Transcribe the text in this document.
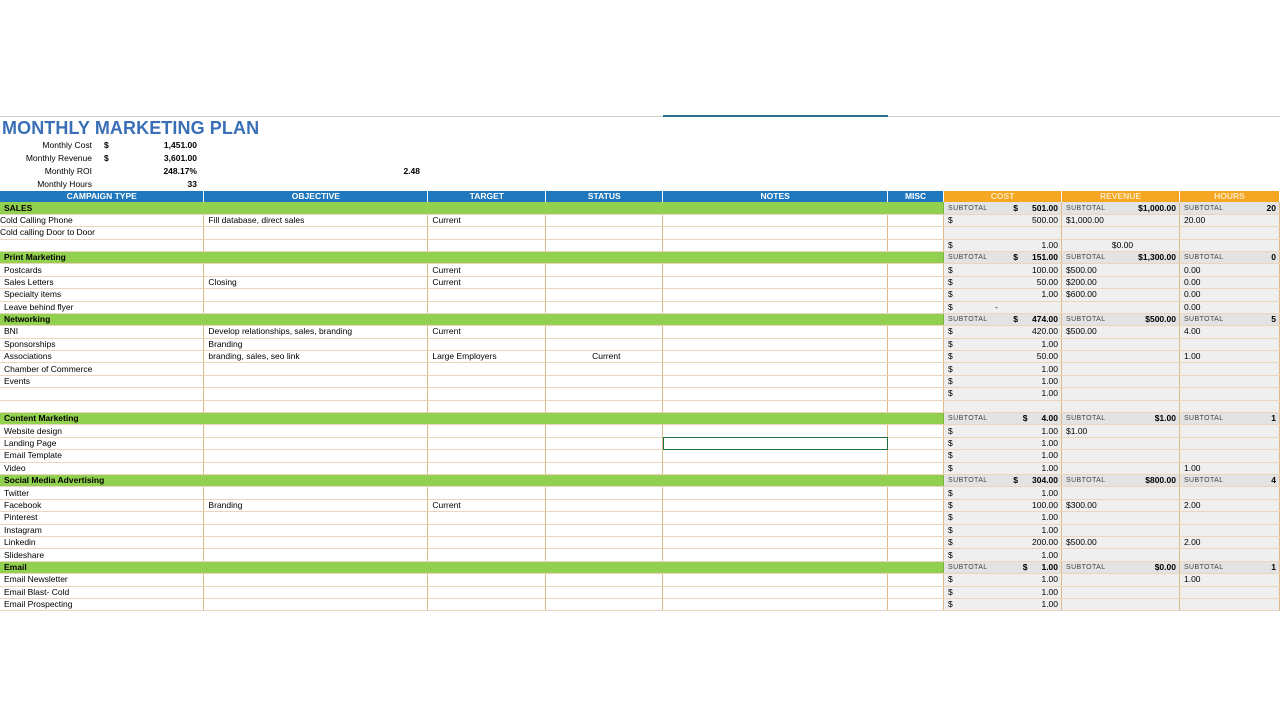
MONTHLY MARKETING PLAN
Monthly Cost $	1,451.00
Monthly Revenue $	3,601.00
Monthly ROI	248.17%	2.48
Monthly Hours	33
CAMPAIGN TYPE	OBJECTIVE	TARGET	STATUS	NOTES	MISC	COST	REVENUE	HOURS
SALES						SUBTOTAL $ 501.00	SUBTOTAL $1,000.00	SUBTOTAL 20

Cold Calling Phone	Fill database, direct sales	Current				$ 500.00	$1,000.00	20.00
Cold calling Door to Door								

						$ 1.00	$0.00	
Print Marketing						SUBTOTAL $ 151.00	SUBTOTAL $1,300.00	SUBTOTAL 0

Postcards		Current				$ 100.00	$500.00	0.00
Sales Letters	Closing	Current				$ 50.00	$200.00	0.00
Specialty items						$ 1.00	$600.00	0.00
Leave behind flyer						$ -		0.00
Networking						SUBTOTAL $ 474.00	SUBTOTAL $500.00	SUBTOTAL 5

BNI	Develop relationships, sales, branding	Current				$ 420.00	$500.00	4.00
Sponsorships	Branding					$ 1.00		

Associations	branding, sales, seo link	Large Employers	Current			$ 50.00		1.00
Chamber of Commerce						$ 1.00		

Events						$ 1.00		

						$ 1.00		

Content Marketing						SUBTOTAL $ 4.00	SUBTOTAL $1.00	SUBTOTAL 1

Website design						$ 1.00	$1.00	
Landing Page						$ 1.00		

Email Template						$ 1.00		

Video						$ 1.00		1.00
Social Media Advertising						SUBTOTAL $ 304.00	SUBTOTAL $800.00	SUBTOTAL 4

Twitter						$ 1.00		

Facebook	Branding	Current				$ 100.00	$300.00	2.00
Pinterest						$ 1.00		

Instagram						$ 1.00		

Linkedin						$ 200.00	$500.00	2.00
Slideshare						$ 1.00		

Email						SUBTOTAL $ 1.00	SUBTOTAL $0.00	SUBTOTAL 1

Email Newsletter						$ 1.00		1.00
Email Blast- Cold						$ 1.00		

Email Prospecting						$ 1.00		
